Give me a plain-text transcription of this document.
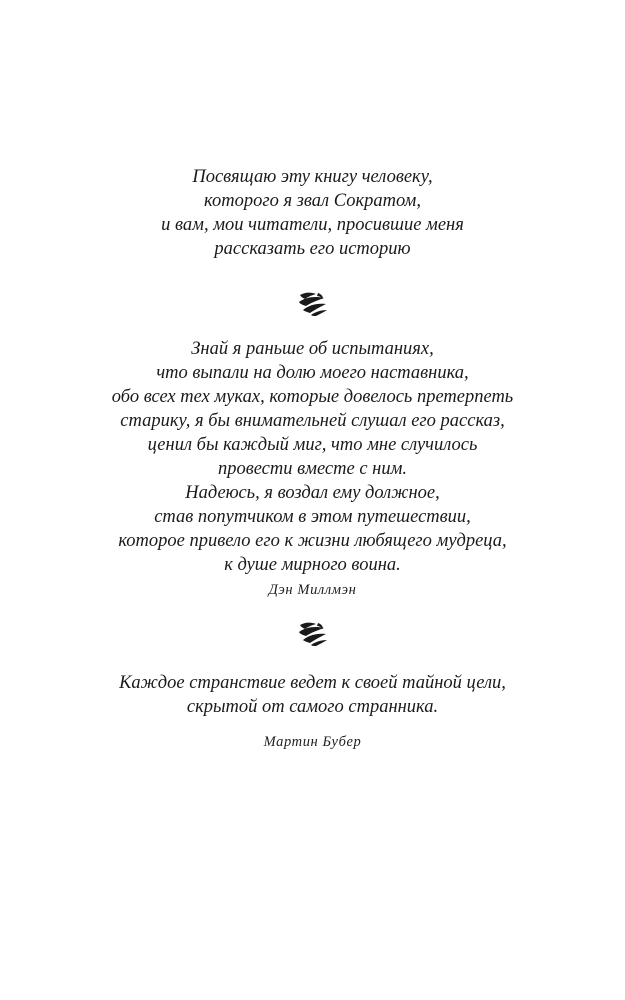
Посвящаю эту книгу человеку,
которого я звал Сократом,
и вам, мои читатели, просившие меня
рассказать его историю
Знай я раньше об испытаниях,
что выпали на долю моего наставника,
обо всех тех муках, которые довелось претерпеть
старику, я бы внимательней слушал его рассказ,
ценил бы каждый миг, что мне случилось
провести вместе с ним.
Надеюсь, я воздал ему должное,
став попутчиком в этом путешествии,
которое привело его к жизни любящего мудреца,
к душе мирного воина.
Дэн Миллмэн
Каждое странствие ведет к своей тайной цели,
скрытой от самого странника.
Мартин Бубер
